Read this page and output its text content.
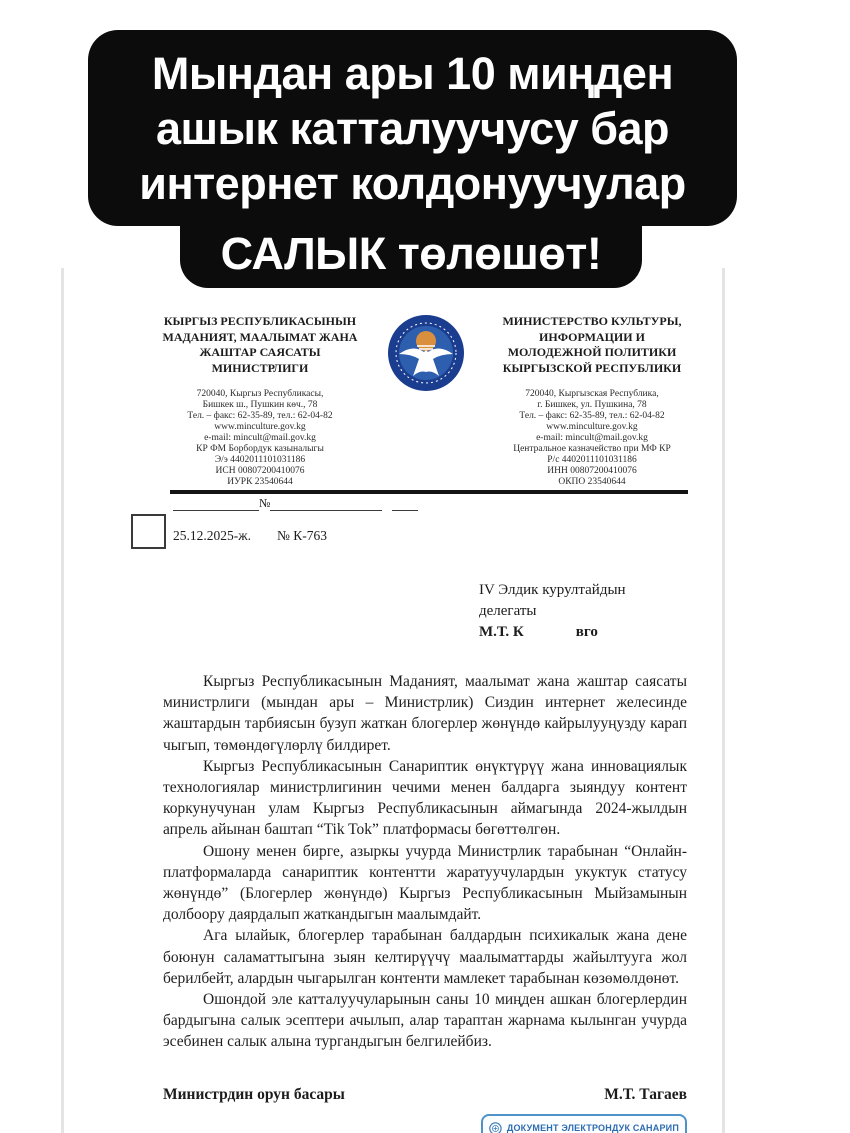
Мындан ары 10 миңден
ашык катталуучусу бар
интернет колдонуучулар
САЛЫК төлөшөт!
КЫРГЫЗ РЕСПУБЛИКАСЫНЫН
МАДАНИЯТ, МААЛЫМАТ ЖАНА
ЖАШТАР САЯСАТЫ
МИНИСТРЛИГИ
720040, Кыргыз Республикасы,
Бишкек ш., Пушкин көч., 78
Тел. – факс: 62-35-89, тел.: 62-04-82
www.minculture.gov.kg
e-mail: mincult@mail.gov.kg
КР ФМ Борбордук казыналыгы
Э/э 4402011101031186
ИСН 00807200410076
ИУРК 23540644
МИНИСТЕРСТВО КУЛЬТУРЫ,
ИНФОРМАЦИИ И
МОЛОДЕЖНОЙ ПОЛИТИКИ
КЫРГЫЗСКОЙ РЕСПУБЛИКИ
720040, Кыргызская Республика,
г. Бишкек, ул. Пушкина, 78
Тел. – факс: 62-35-89, тел.: 62-04-82
www.minculture.gov.kg
e-mail: mincult@mail.gov.kg
Центральное казначейство при МФ КР
Р/с 4402011101031186
ИНН 00807200410076
ОКПО 23540644
№
25.12.2025-ж. № К-763
IV Элдик курултайдын
делегаты
М.Т. К	вго

Кыргыз Республикасынын Маданият, маалымат жана жаштар саясаты министрлиги (мындан ары – Министрлик) Сиздин интернет желесинде жаштардын тарбиясын бузуп жаткан блогерлер жөнүндө кайрылууңузду карап чыгып, төмөндөгүлөрлү билдирет.

Кыргыз Республикасынын Санариптик өнүктүрүү жана инновациялык технологиялар министрлигинин чечими менен балдарга зыяндуу контент коркунучунан улам Кыргыз Республикасынын аймагында 2024-жылдын апрель айынан баштап “Tik Tok” платформасы бөгөттөлгөн.

Ошону менен бирге, азыркы учурда Министрлик тарабынан “Онлайн-платформаларда санариптик контентти жаратуучулардын укуктук статусу жөнүндө” (Блогерлер жөнүндө) Кыргыз Республикасынын Мыйзамынын долбоору даярдалып жаткандыгын маалымдайт.

Ага ылайык, блогерлер тарабынан балдардын психикалык жана дене боюнун саламаттыгына зыян келтирүүчү маалыматтарды жайылтууга жол берилбейт, алардын чыгарылган контенти мамлекет тарабынан көзөмөлдөнөт.

Ошондой эле катталуучуларынын саны 10 миңден ашкан блогерлердин бардыгына салык эсептери ачылып, алар тараптан жарнама кылынган учурда эсебинен салык алына тургандыгын белгилейбиз.

Министрдин орун басары	М.Т. Тагаев
ДОКУМЕНТ ЭЛЕКТРОНДУК САНАРИП
